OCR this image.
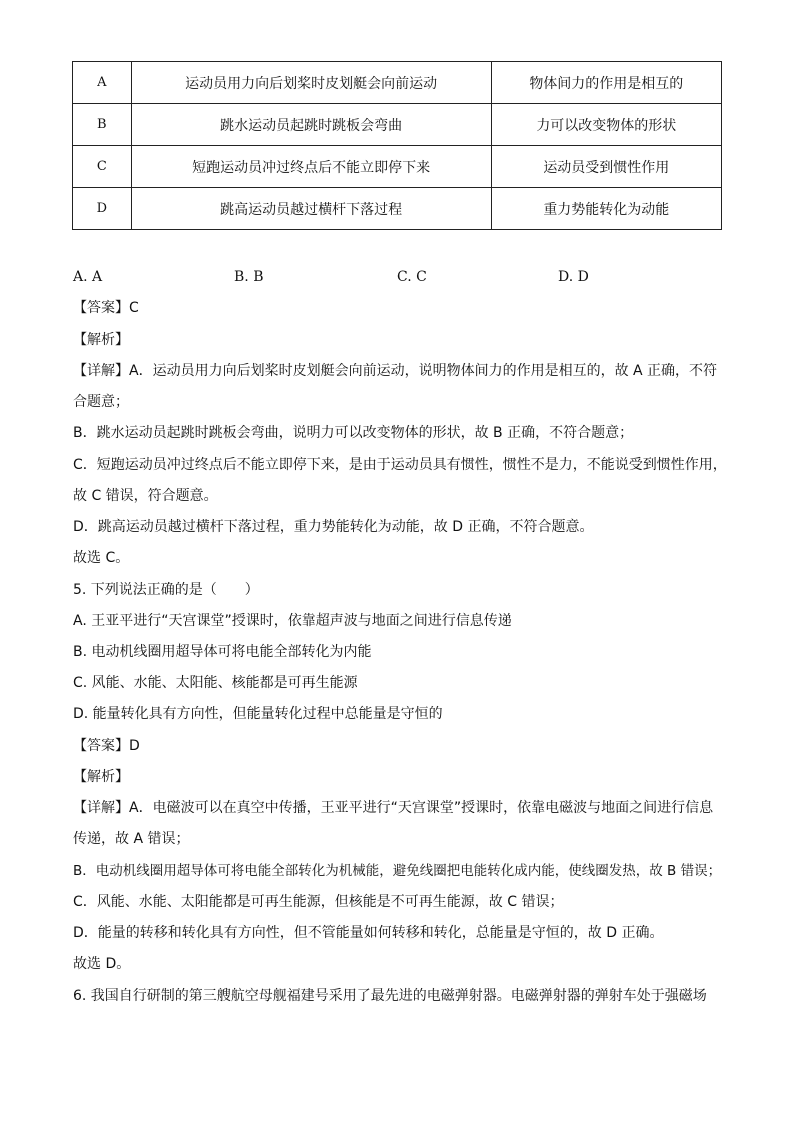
A	运动员用力向后划桨时皮划艇会向前运动	物体间力的作用是相互的
B	跳水运动员起跳时跳板会弯曲	力可以改变物体的形状
C	短跑运动员冲过终点后不能立即停下来	运动员受到惯性作用
D	跳高运动员越过横杆下落过程	重力势能转化为动能
A. A	B. B	C. C	D. D
【答案】C
【解析】
【详解】A．运动员用力向后划桨时皮划艇会向前运动，说明物体间力的作用是相互的，故 A 正确，不符
合题意；
B．跳水运动员起跳时跳板会弯曲，说明力可以改变物体的形状，故 B 正确，不符合题意；
C．短跑运动员冲过终点后不能立即停下来，是由于运动员具有惯性，惯性不是力，不能说受到惯性作用，
故 C 错误，符合题意。
D．跳高运动员越过横杆下落过程，重力势能转化为动能，故 D 正确，不符合题意。
故选 C。
5. 下列说法正确的是（　　）
A. 王亚平进行“天宫课堂”授课时，依靠超声波与地面之间进行信息传递
B. 电动机线圈用超导体可将电能全部转化为内能
C. 风能、水能、太阳能、核能都是可再生能源
D. 能量转化具有方向性，但能量转化过程中总能量是守恒的
【答案】D
【解析】
【详解】A．电磁波可以在真空中传播，王亚平进行“天宫课堂”授课时，依靠电磁波与地面之间进行信息
传递，故 A 错误；
B．电动机线圈用超导体可将电能全部转化为机械能，避免线圈把电能转化成内能，使线圈发热，故 B 错误；
C．风能、水能、太阳能都是可再生能源，但核能是不可再生能源，故 C 错误；
D．能量的转移和转化具有方向性，但不管能量如何转移和转化，总能量是守恒的，故 D 正确。
故选 D。
6. 我国自行研制的第三艘航空母舰福建号采用了最先进的电磁弹射器。电磁弹射器的弹射车处于强磁场
